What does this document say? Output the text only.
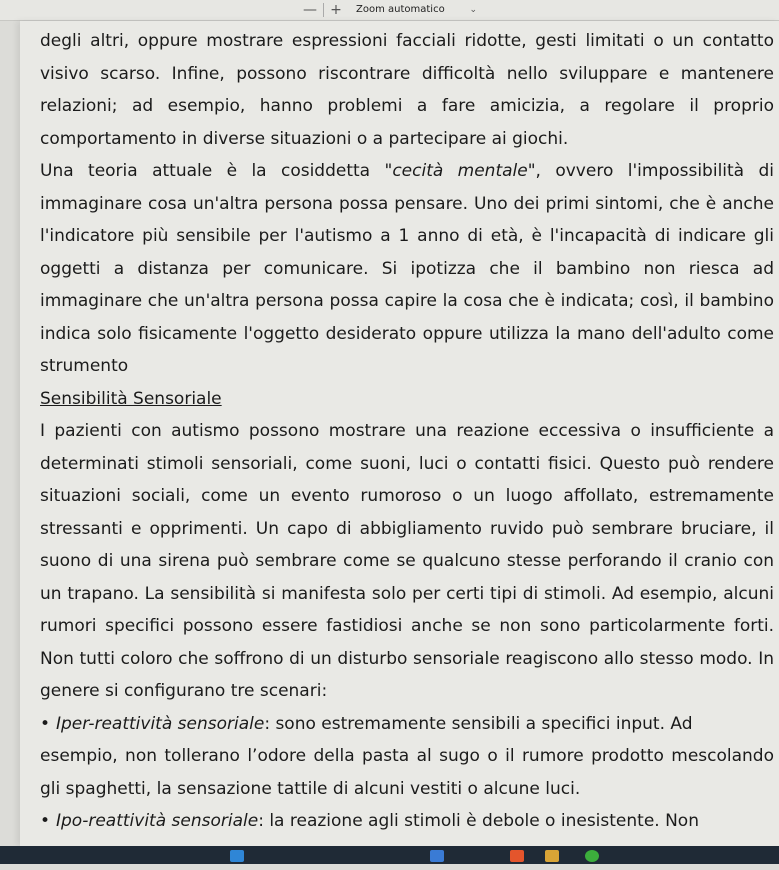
— +	Zoom automatico	⌄

degli altri, oppure mostrare espressioni facciali ridotte, gesti limitati o un contatto visivo scarso. Infine, possono riscontrare difficoltà nello sviluppare e mantenere relazioni; ad esempio, hanno problemi a fare amicizia, a regolare il proprio comportamento in diverse situazioni o a partecipare ai giochi.

Una teoria attuale è la cosiddetta "cecità mentale", ovvero l'impossibilità di immaginare cosa un'altra persona possa pensare. Uno dei primi sintomi, che è anche l'indicatore più sensibile per l'autismo a 1 anno di età, è l'incapacità di indicare gli oggetti a distanza per comunicare. Si ipotizza che il bambino non riesca ad immaginare che un'altra persona possa capire la cosa che è indicata; così, il bambino indica solo fisicamente l'oggetto desiderato oppure utilizza la mano dell'adulto come strumento

Sensibilità Sensoriale

I pazienti con autismo possono mostrare una reazione eccessiva o insufficiente a determinati stimoli sensoriali, come suoni, luci o contatti fisici. Questo può rendere situazioni sociali, come un evento rumoroso o un luogo affollato, estremamente stressanti e opprimenti. Un capo di abbigliamento ruvido può sembrare bruciare, il suono di una sirena può sembrare come se qualcuno stesse perforando il cranio con un trapano. La sensibilità si manifesta solo per certi tipi di stimoli. Ad esempio, alcuni rumori specifici possono essere fastidiosi anche se non sono particolarmente forti. Non tutti coloro che soffrono di un disturbo sensoriale reagiscono allo stesso modo. In genere si configurano tre scenari:

• Iper-reattività sensoriale: sono estremamente sensibili a specifici input. Ad

esempio, non tollerano l’odore della pasta al sugo o il rumore prodotto mescolando gli spaghetti, la sensazione tattile di alcuni vestiti o alcune luci.

• Ipo-reattività sensoriale: la reazione agli stimoli è debole o inesistente. Non
